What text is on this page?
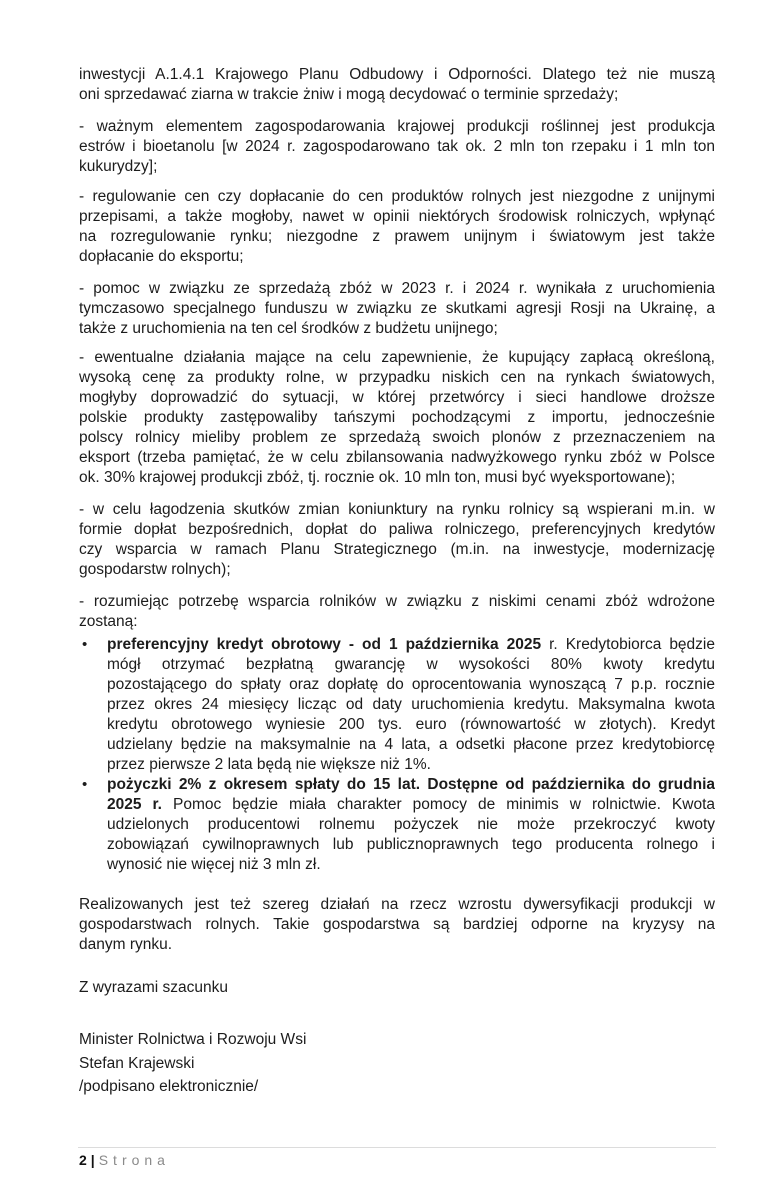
inwestycji A.1.4.1 Krajowego Planu Odbudowy i Odporności. Dlatego też nie muszą
oni sprzedawać ziarna w trakcie żniw i mogą decydować o terminie sprzedaży;
- ważnym elementem zagospodarowania krajowej produkcji roślinnej jest produkcja
estrów i bioetanolu [w 2024 r. zagospodarowano tak ok. 2 mln ton rzepaku i 1 mln ton
kukurydzy];
- regulowanie cen czy dopłacanie do cen produktów rolnych jest niezgodne z unijnymi
przepisami, a także mogłoby, nawet w opinii niektórych środowisk rolniczych, wpłynąć
na rozregulowanie rynku; niezgodne z prawem unijnym i światowym jest także
dopłacanie do eksportu;
- pomoc w związku ze sprzedażą zbóż w 2023 r. i 2024 r. wynikała z uruchomienia
tymczasowo specjalnego funduszu w związku ze skutkami agresji Rosji na Ukrainę, a
także z uruchomienia na ten cel środków z budżetu unijnego;
- ewentualne działania mające na celu zapewnienie, że kupujący zapłacą określoną,
wysoką cenę za produkty rolne, w przypadku niskich cen na rynkach światowych,
mogłyby doprowadzić do sytuacji, w której przetwórcy i sieci handlowe droższe
polskie produkty zastępowaliby tańszymi pochodzącymi z importu, jednocześnie
polscy rolnicy mieliby problem ze sprzedażą swoich plonów z przeznaczeniem na
eksport (trzeba pamiętać, że w celu zbilansowania nadwyżkowego rynku zbóż w Polsce
ok. 30% krajowej produkcji zbóż, tj. rocznie ok. 10 mln ton, musi być wyeksportowane);
- w celu łagodzenia skutków zmian koniunktury na rynku rolnicy są wspierani m.in. w
formie dopłat bezpośrednich, dopłat do paliwa rolniczego, preferencyjnych kredytów
czy wsparcia w ramach Planu Strategicznego (m.in. na inwestycje, modernizację
gospodarstw rolnych);
- rozumiejąc potrzebę wsparcia rolników w związku z niskimi cenami zbóż wdrożone
zostaną:
• preferencyjny kredyt obrotowy - od 1 października 2025 r. Kredytobiorca będzie
mógł otrzymać bezpłatną gwarancję w wysokości 80% kwoty kredytu
pozostającego do spłaty oraz dopłatę do oprocentowania wynoszącą 7 p.p. rocznie
przez okres 24 miesięcy licząc od daty uruchomienia kredytu. Maksymalna kwota
kredytu obrotowego wyniesie 200 tys. euro (równowartość w złotych). Kredyt
udzielany będzie na maksymalnie na 4 lata, a odsetki płacone przez kredytobiorcę
przez pierwsze 2 lata będą nie większe niż 1%.
• pożyczki 2% z okresem spłaty do 15 lat. Dostępne od października do grudnia
2025 r. Pomoc będzie miała charakter pomocy de minimis w rolnictwie. Kwota
udzielonych producentowi rolnemu pożyczek nie może przekroczyć kwoty
zobowiązań cywilnoprawnych lub publicznoprawnych tego producenta rolnego i
wynosić nie więcej niż 3 mln zł.
Realizowanych jest też szereg działań na rzecz wzrostu dywersyfikacji produkcji w
gospodarstwach rolnych. Takie gospodarstwa są bardziej odporne na kryzysy na
danym rynku.
Z wyrazami szacunku
Minister Rolnictwa i Rozwoju Wsi
Stefan Krajewski
/podpisano elektronicznie/
2 | Strona
